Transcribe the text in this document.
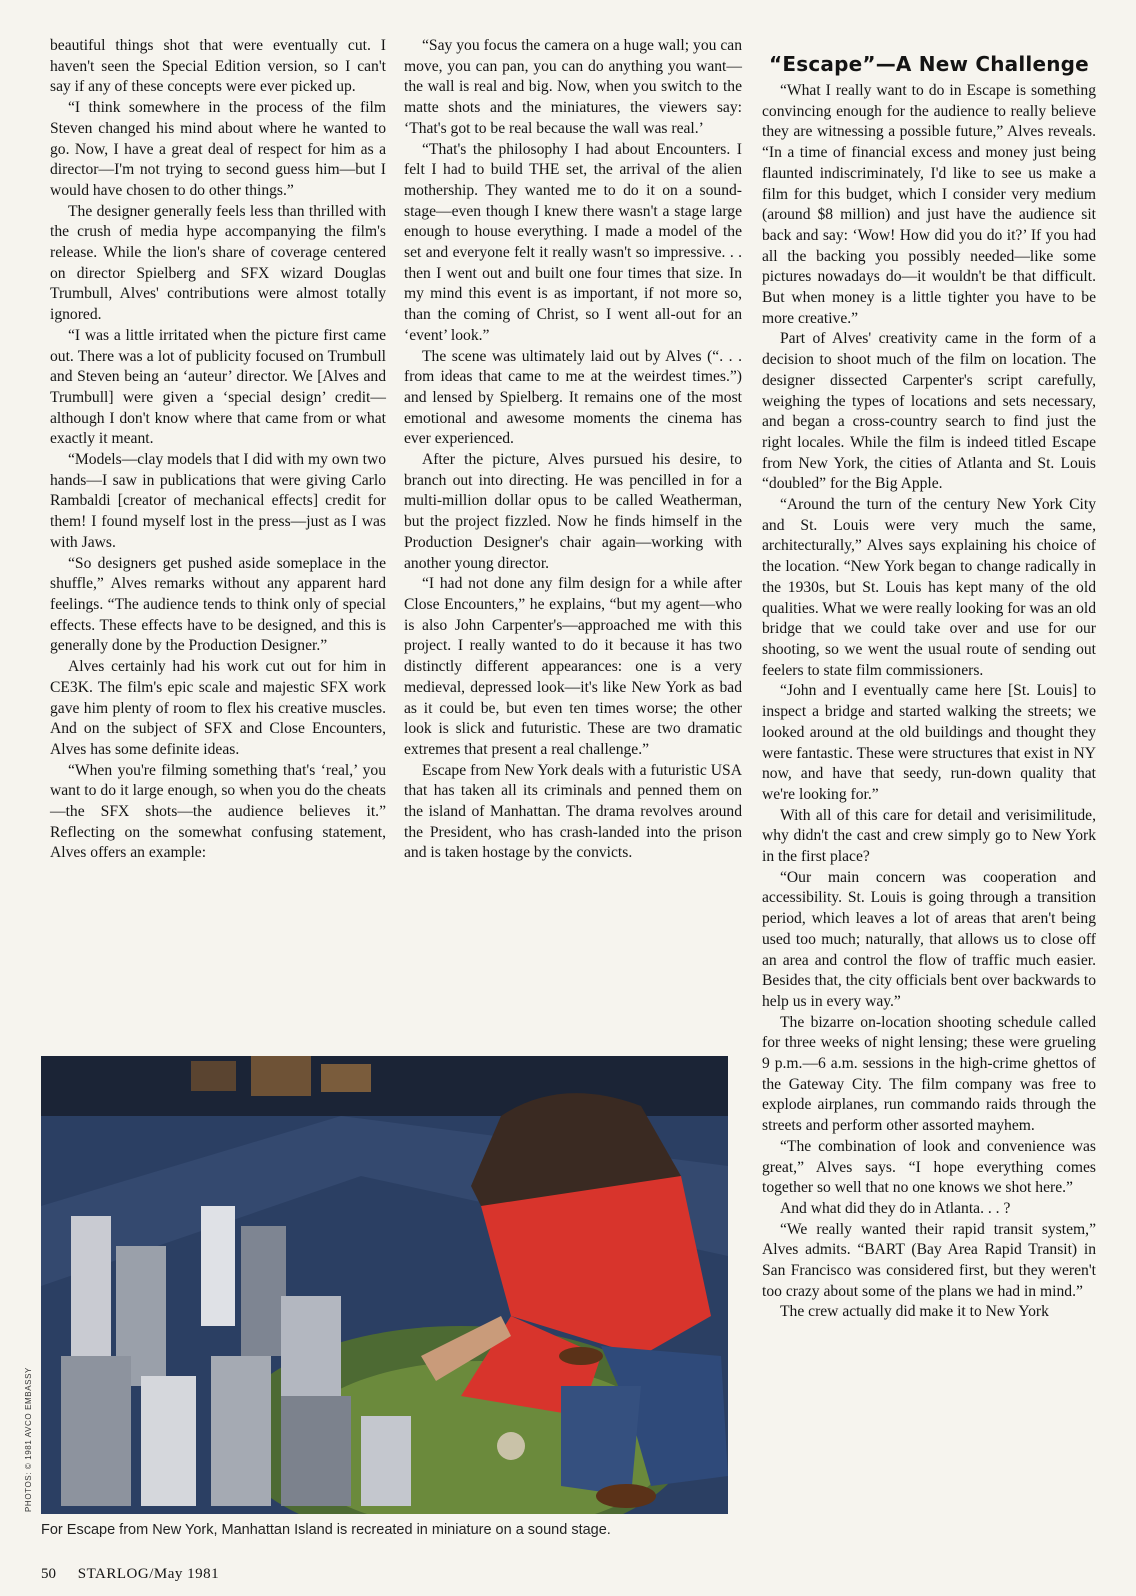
beautiful things shot that were eventually cut. I haven't seen the Special Edition version, so I can't say if any of these concepts were ever picked up.

“I think somewhere in the process of the film Steven changed his mind about where he wanted to go. Now, I have a great deal of respect for him as a director—I'm not trying to second guess him—but I would have chosen to do other things.”

The designer generally feels less than thrilled with the crush of media hype accompanying the film's release. While the lion's share of coverage centered on director Spielberg and SFX wizard Douglas Trumbull, Alves' contributions were almost totally ignored.

“I was a little irritated when the picture first came out. There was a lot of publicity focused on Trumbull and Steven being an ‘auteur’ director. We [Alves and Trumbull] were given a ‘special design’ credit—although I don't know where that came from or what exactly it meant.

“Models—clay models that I did with my own two hands—I saw in publications that were giving Carlo Rambaldi [creator of mechanical effects] credit for them! I found myself lost in the press—just as I was with Jaws.

“So designers get pushed aside someplace in the shuffle,” Alves remarks without any apparent hard feelings. “The audience tends to think only of special effects. These effects have to be designed, and this is generally done by the Production Designer.”

Alves certainly had his work cut out for him in CE3K. The film's epic scale and majestic SFX work gave him plenty of room to flex his creative muscles. And on the subject of SFX and Close Encounters, Alves has some definite ideas.

“When you're filming something that's ‘real,’ you want to do it large enough, so when you do the cheats—the SFX shots—the audience believes it.” Reflecting on the somewhat confusing statement, Alves offers an example:

“Say you focus the camera on a huge wall; you can move, you can pan, you can do anything you want—the wall is real and big. Now, when you switch to the matte shots and the miniatures, the viewers say: ‘That's got to be real because the wall was real.’

“That's the philosophy I had about Encounters. I felt I had to build THE set, the arrival of the alien mothership. They wanted me to do it on a sound-stage—even though I knew there wasn't a stage large enough to house everything. I made a model of the set and everyone felt it really wasn't so impressive. . . then I went out and built one four times that size. In my mind this event is as important, if not more so, than the coming of Christ, so I went all-out for an ‘event’ look.”

The scene was ultimately laid out by Alves (“. . . from ideas that came to me at the weirdest times.”) and lensed by Spielberg. It remains one of the most emotional and awesome moments the cinema has ever experienced.

After the picture, Alves pursued his desire, to branch out into directing. He was pencilled in for a multi-million dollar opus to be called Weatherman, but the project fizzled. Now he finds himself in the Production Designer's chair again—working with another young director.

“I had not done any film design for a while after Close Encounters,” he explains, “but my agent—who is also John Carpenter's—approached me with this project. I really wanted to do it because it has two distinctly different appearances: one is a very medieval, depressed look—it's like New York as bad as it could be, but even ten times worse; the other look is slick and futuristic. These are two dramatic extremes that present a real challenge.”

Escape from New York deals with a futuristic USA that has taken all its criminals and penned them on the island of Manhattan. The drama revolves around the President, who has crash-landed into the prison and is taken hostage by the convicts.

“Escape”—A New Challenge

“What I really want to do in Escape is something convincing enough for the audience to really believe they are witnessing a possible future,” Alves reveals. “In a time of financial excess and money just being flaunted indiscriminately, I'd like to see us make a film for this budget, which I consider very medium (around $8 million) and just have the audience sit back and say: ‘Wow! How did you do it?’ If you had all the backing you possibly needed—like some pictures nowadays do—it wouldn't be that difficult. But when money is a little tighter you have to be more creative.”

Part of Alves' creativity came in the form of a decision to shoot much of the film on location. The designer dissected Carpenter's script carefully, weighing the types of locations and sets necessary, and began a cross-country search to find just the right locales. While the film is indeed titled Escape from New York, the cities of Atlanta and St. Louis “doubled” for the Big Apple.

“Around the turn of the century New York City and St. Louis were very much the same, architecturally,” Alves says explaining his choice of the location. “New York began to change radically in the 1930s, but St. Louis has kept many of the old qualities. What we were really looking for was an old bridge that we could take over and use for our shooting, so we went the usual route of sending out feelers to state film commissioners.

“John and I eventually came here [St. Louis] to inspect a bridge and started walking the streets; we looked around at the old buildings and thought they were fantastic. These were structures that exist in NY now, and have that seedy, run-down quality that we're looking for.”

With all of this care for detail and verisimilitude, why didn't the cast and crew simply go to New York in the first place?

“Our main concern was cooperation and accessibility. St. Louis is going through a transition period, which leaves a lot of areas that aren't being used too much; naturally, that allows us to close off an area and control the flow of traffic much easier. Besides that, the city officials bent over backwards to help us in every way.”

The bizarre on-location shooting schedule called for three weeks of night lensing; these were grueling 9 p.m.—6 a.m. sessions in the high-crime ghettos of the Gateway City. The film company was free to explode airplanes, run commando raids through the streets and perform other assorted mayhem.

“The combination of look and convenience was great,” Alves says. “I hope everything comes together so well that no one knows we shot here.”

And what did they do in Atlanta. . . ?

“We really wanted their rapid transit system,” Alves admits. “BART (Bay Area Rapid Transit) in San Francisco was considered first, but they weren't too crazy about some of the plans we had in mind.”

The crew actually did make it to New York

PHOTOS: © 1981 AVCO EMBASSY
For Escape from New York, Manhattan Island is recreated in miniature on a sound stage.
50 STARLOG/May 1981
